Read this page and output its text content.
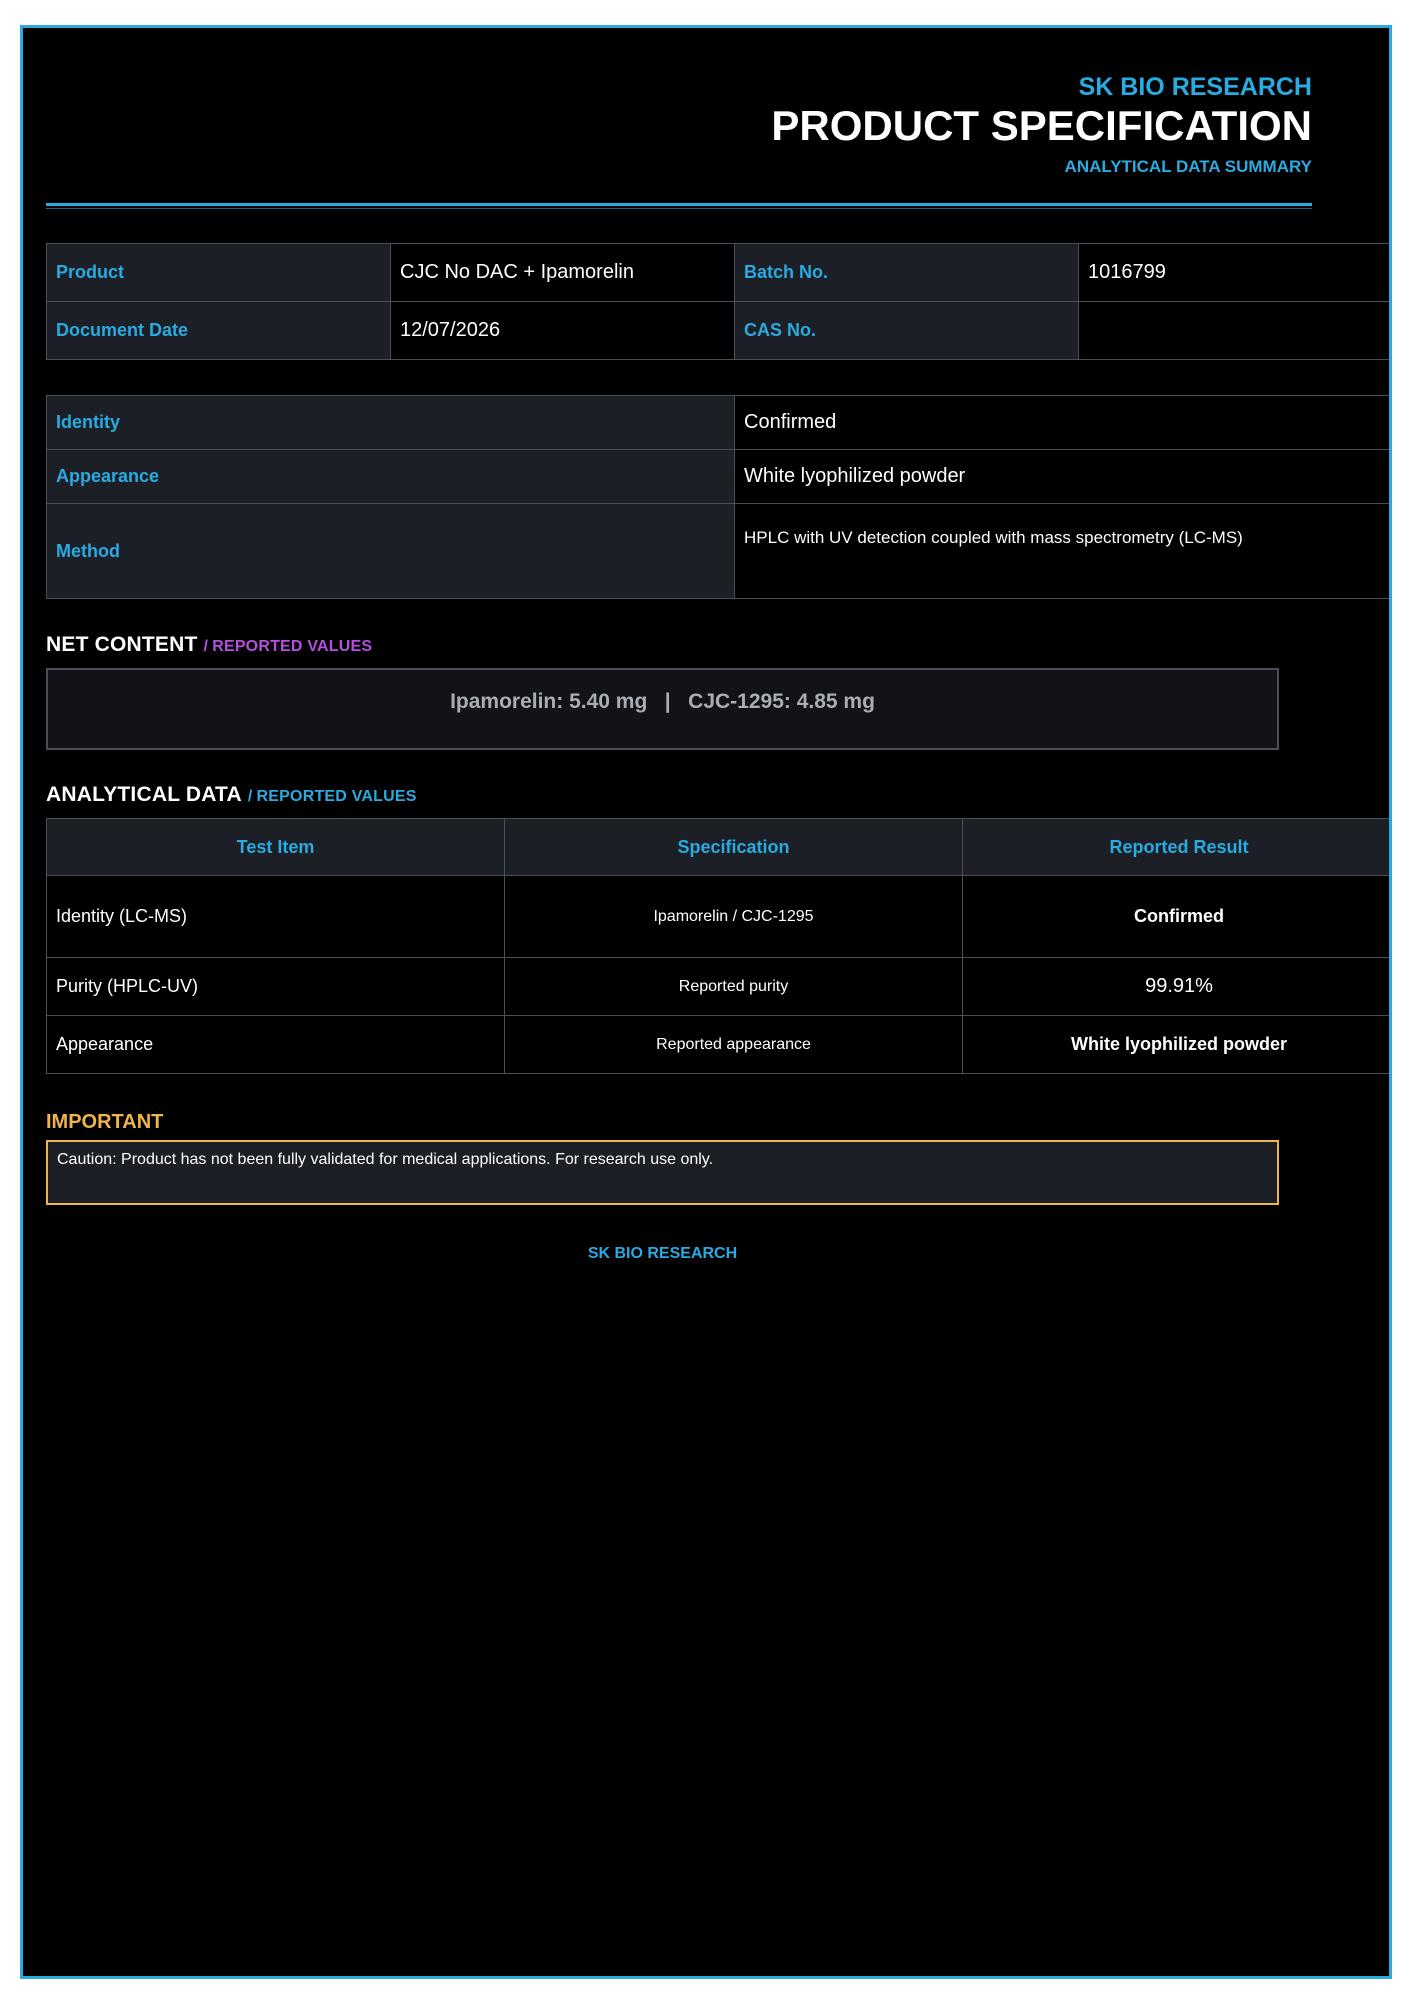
SK BIO RESEARCH
PRODUCT SPECIFICATION
ANALYTICAL DATA SUMMARY
Product	CJC No DAC + Ipamorelin	Batch No.	1016799
Document Date	12/07/2026	CAS No.	
Identity	Confirmed
Appearance	White lyophilized powder
Method	HPLC with UV detection coupled with mass spectrometry (LC-MS)
NET CONTENT / REPORTED VALUES
Ipamorelin: 5.40 mg   |   CJC-1295: 4.85 mg
ANALYTICAL DATA / REPORTED VALUES
Test Item	Specification	Reported Result
Identity (LC-MS)	Ipamorelin / CJC-1295	Confirmed
Purity (HPLC-UV)	Reported purity	99.91%
Appearance	Reported appearance	White lyophilized powder
IMPORTANT
Caution: Product has not been fully validated for medical applications. For research use only.
SK BIO RESEARCH
